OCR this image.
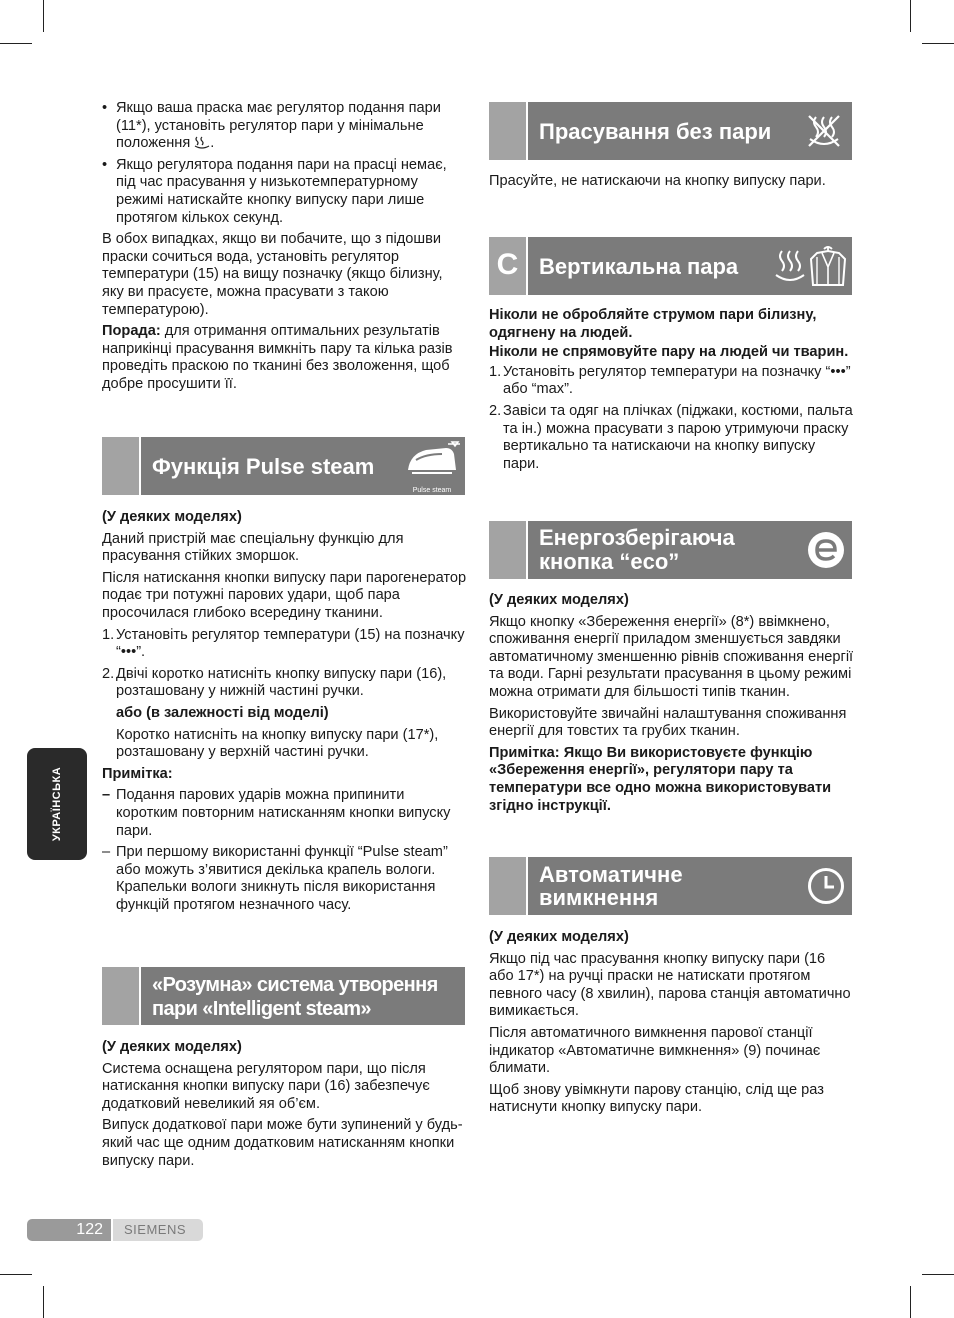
• Якщо ваша праска має регулятор подання пари (11*), установіть регулятор пари у мінімальне положення .

• Якщо регулятора подання пари на прасці немає, під час прасування у низькотемпературному режимі натискайте кнопку випуску пари лише протягом кількох секунд.

В обох випадках, якщо ви побачите, що з підошви праски сочиться вода, установіть регулятор температури (15) на вищу позначку (якщо білизну, яку ви прасуєте, можна прасувати з такою температурою).

Порада: для отримання оптимальних результатів наприкінці прасування вимкніть пару та кілька разів проведіть праскою по тканині без зволоження, щоб добре просушити її.

Функція Pulse steam
Pulse steam

(У деяких моделях)

Даний пристрій має спеціальну функцію для прасування стійких зморшок.

Після натискання кнопки випуску пари парогенератор подає три потужні парових удари, щоб пара просочилася глибоко всередину тканини.

1. Установіть регулятор температури (15) на позначку “•••”.

2. Двічі коротко натисніть кнопку випуску пари (16), розташовану у нижній частині ручки.

або (в залежності від моделі)

Коротко натисніть на кнопку випуску пари (17*), розташовану у верхній частині ручки.

Примітка:

– Подання парових ударів можна припинити коротким повторним натисканням кнопки випуску пари.

– При першому використанні функції “Pulse steam” або можуть з’явитися декілька крапель вологи. Крапельки вологи зникнуть після використання функцій протягом незначного часу.

«Розумна» система утворення
пари «Intelligent steam»

(У деяких моделях)

Система оснащена регулятором пари, що після натискання кнопки випуску пари (16) забезпечує додатковий невеликий яя об’єм.

Випуск додаткової пари може бути зупинений у будь-який час ще одним додатковим натисканням кнопки випуску пари.

Прасування без пари

Прасуйте, не натискаючи на кнопку випуску пари.

C Вертикальна пара

Ніколи не обробляйте струмом пари білизну, одягнену на людей.

Ніколи не спрямовуйте пару на людей чи тварин.

1. Установіть регулятор температури на позначку “•••” або “max”.

2. Завіси та одяг на плічках (піджаки, костюми, пальта та ін.) можна прасувати з парою утримуючи праску вертикально та натискаючи на кнопку випуску пари.

Енергозберігаюча
кнопка “eco”

(У деяких моделях)

Якщо кнопку «Збереження енергії» (8*) ввімкнено, споживання енергії приладом зменшується завдяки автоматичному зменшенню рівнів споживання енергії та води. Гарні результати прасування в цьому режимі можна отримати для більшості типів тканин.

Використовуйте звичайні налаштування споживання енергії для товстих та грубих тканин.

Примітка: Якщо Ви використовуєте функцію «Збереження енергії», регулятори пару та температури все одно можна використовувати згідно інструкції.

Автоматичне
вимкнення

(У деяких моделях)

Якщо під час прасування кнопку випуску пари (16 або 17*) на ручці праски не натискати протягом певного часу (8 хвилин), парова станція автоматично вимикається.

Після автоматичного вимкнення парової станції індикатор «Автоматичне вимкнення» (9) починає блимати.

Щоб знову увімкнути парову станцію, слід ще раз натиснути кнопку випуску пари.

УКРАЇНСЬКА
122 SIEMENS
